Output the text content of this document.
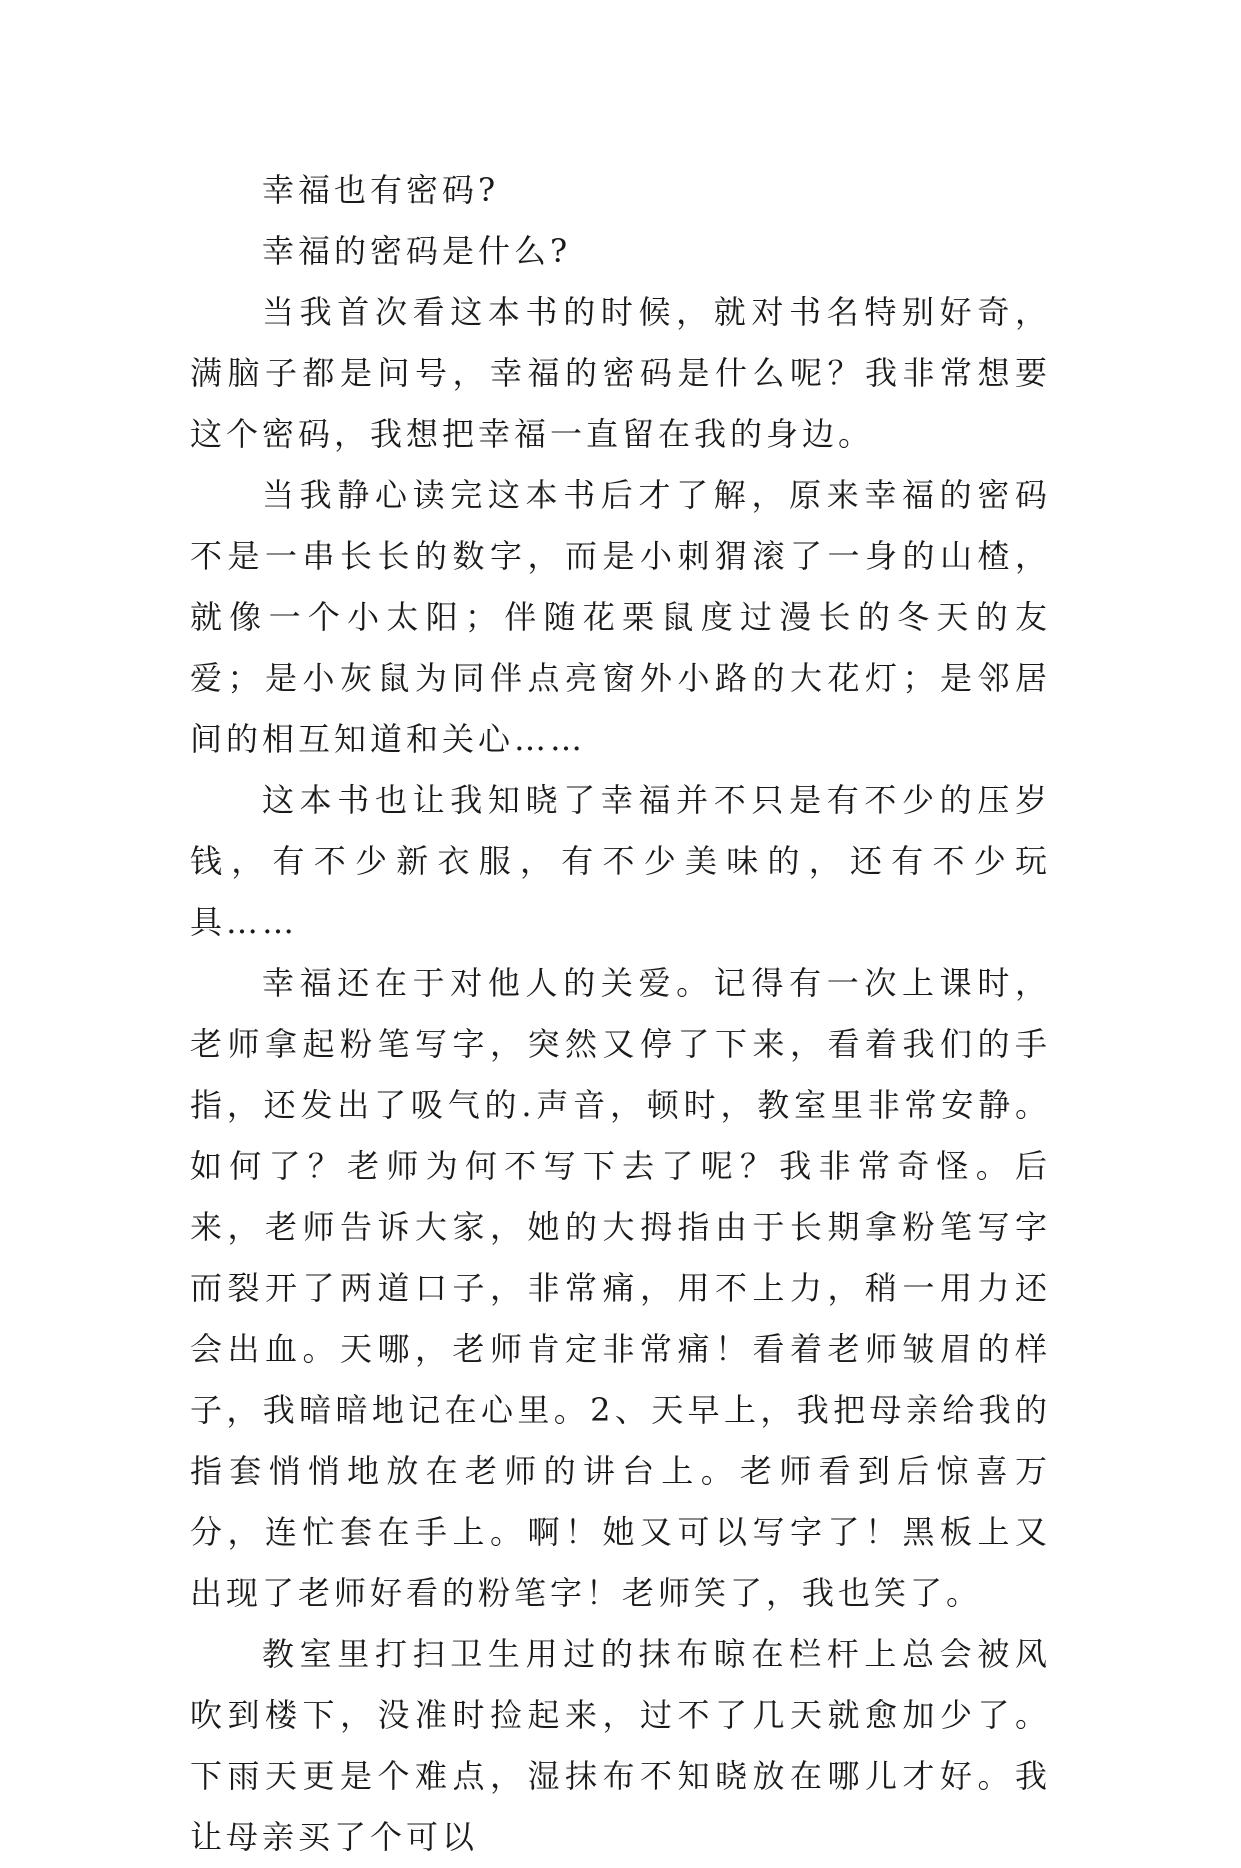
幸福也有密码?

幸福的密码是什么?

当我首次看这本书的时候，就对书名特别好奇，满脑子都是问号，幸福的密码是什么呢？我非常想要这个密码，我想把幸福一直留在我的身边。

当我静心读完这本书后才了解，原来幸福的密码不是一串长长的数字，而是小刺猬滚了一身的山楂，就像一个小太阳；伴随花栗鼠度过漫长的冬天的友爱；是小灰鼠为同伴点亮窗外小路的大花灯；是邻居间的相互知道和关心……

这本书也让我知晓了幸福并不只是有不少的压岁钱，有不少新衣服，有不少美味的，还有不少玩具……

幸福还在于对他人的关爱。记得有一次上课时，老师拿起粉笔写字，突然又停了下来，看着我们的手指，还发出了吸气的.声音，顿时，教室里非常安静。如何了？老师为何不写下去了呢？我非常奇怪。后来，老师告诉大家，她的大拇指由于长期拿粉笔写字而裂开了两道口子，非常痛，用不上力，稍一用力还会出血。天哪，老师肯定非常痛！看着老师皱眉的样子，我暗暗地记在心里。2、天早上，我把母亲给我的指套悄悄地放在老师的讲台上。老师看到后惊喜万分，连忙套在手上。啊！她又可以写字了！黑板上又出现了老师好看的粉笔字！老师笑了，我也笑了。

教室里打扫卫生用过的抹布晾在栏杆上总会被风吹到楼下，没准时捡起来，过不了几天就愈加少了。下雨天更是个难点，湿抹布不知晓放在哪儿才好。我让母亲买了个可以
